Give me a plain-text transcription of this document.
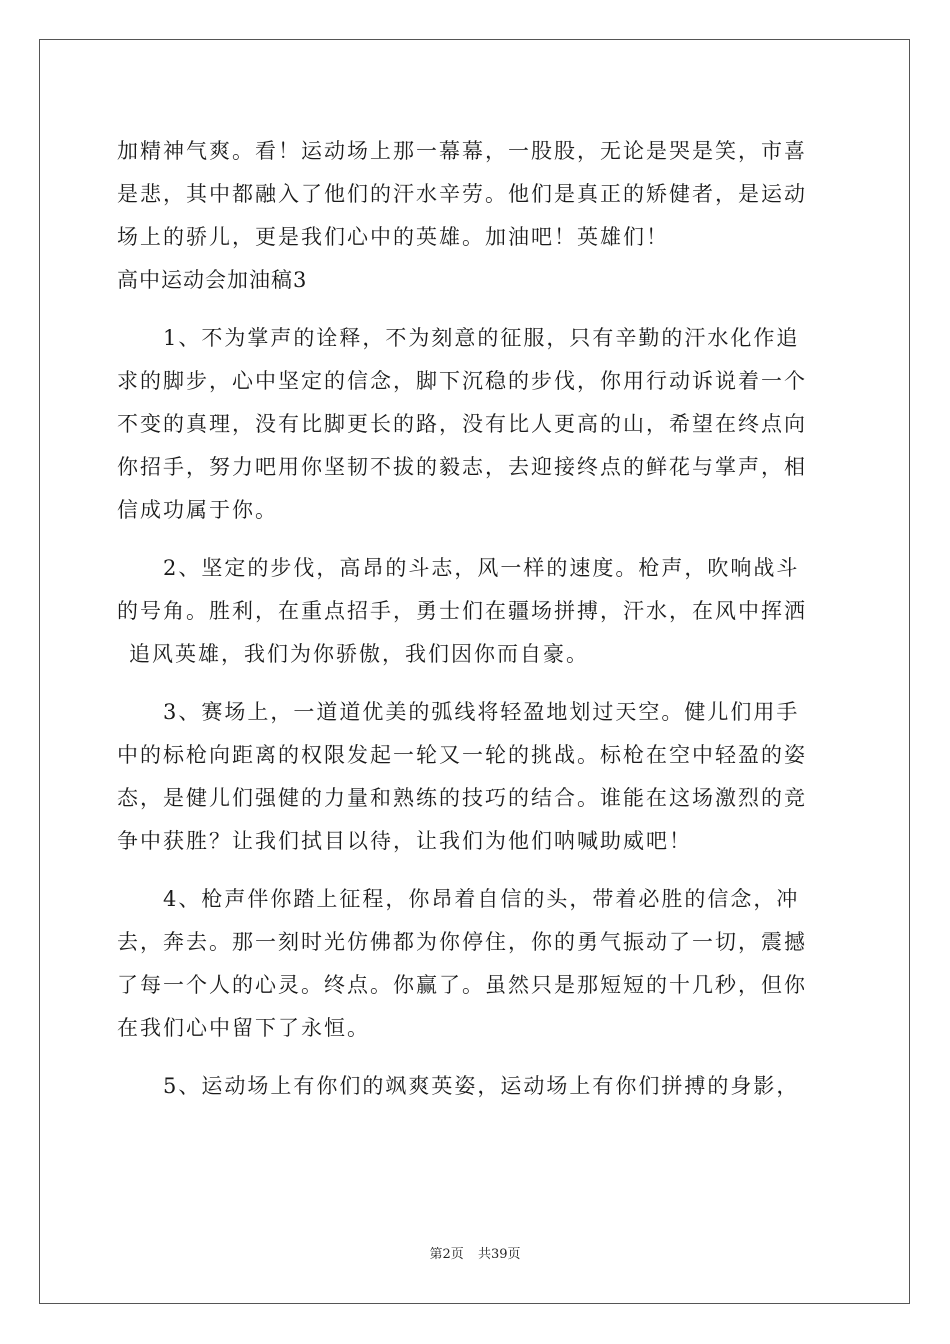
加精神气爽。看！运动场上那一幕幕，一股股，无论是哭是笑，市喜
是悲，其中都融入了他们的汗水辛劳。他们是真正的矫健者，是运动
场上的骄儿，更是我们心中的英雄。加油吧！英雄们！
高中运动会加油稿3
1、不为掌声的诠释，不为刻意的征服，只有辛勤的汗水化作追
求的脚步，心中坚定的信念，脚下沉稳的步伐，你用行动诉说着一个
不变的真理，没有比脚更长的路，没有比人更高的山，希望在终点向
你招手，努力吧用你坚韧不拔的毅志，去迎接终点的鲜花与掌声，相
信成功属于你。
2、坚定的步伐，高昂的斗志，风一样的速度。枪声，吹响战斗
的号角。胜利，在重点招手，勇士们在疆场拼搏，汗水，在风中挥洒
追风英雄，我们为你骄傲，我们因你而自豪。
3、赛场上，一道道优美的弧线将轻盈地划过天空。健儿们用手
中的标枪向距离的权限发起一轮又一轮的挑战。标枪在空中轻盈的姿
态，是健儿们强健的力量和熟练的技巧的结合。谁能在这场激烈的竞
争中获胜？让我们拭目以待，让我们为他们呐喊助威吧！
4、枪声伴你踏上征程，你昂着自信的头，带着必胜的信念，冲
去，奔去。那一刻时光仿佛都为你停住，你的勇气振动了一切，震撼
了每一个人的心灵。终点。你赢了。虽然只是那短短的十几秒，但你
在我们心中留下了永恒。
5、运动场上有你们的飒爽英姿，运动场上有你们拼搏的身影，
第2页 共39页
